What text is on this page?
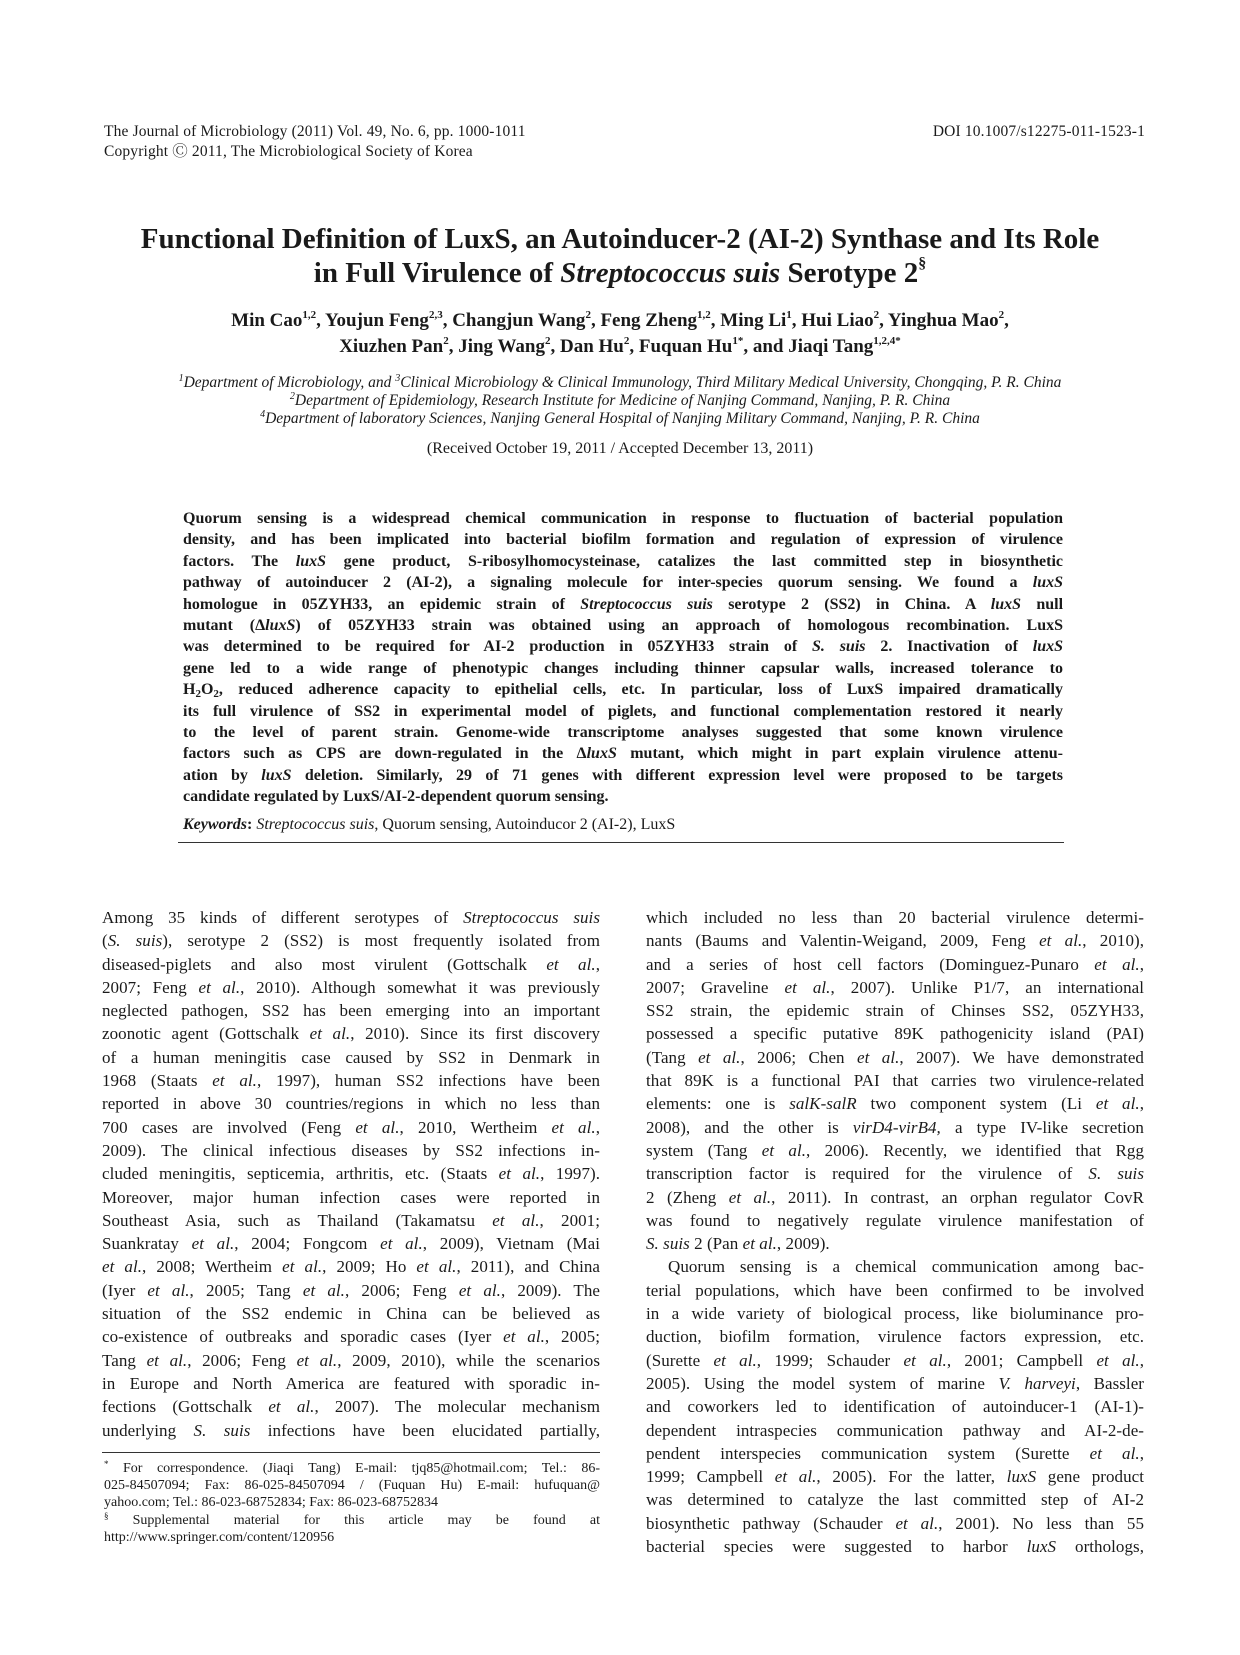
The Journal of Microbiology (2011) Vol. 49, No. 6, pp. 1000-1011
Copyright Ⓒ 2011, The Microbiological Society of Korea
DOI 10.1007/s12275-011-1523-1
Functional Definition of LuxS, an Autoinducer-2 (AI-2) Synthase and Its Role
in Full Virulence of Streptococcus suis Serotype 2§
Min Cao$^{1,2}$, Youjun Feng$^{2,3}$, Changjun Wang$^2$, Feng Zheng$^{1,2}$, Ming Li$^1$, Hui Liao$^2$, Yinghua Mao$^2$,
Xiuzhen Pan$^2$, Jing Wang$^2$, Dan Hu$^2$, Fuquan $Hu^{1*}$, and Jiaqi Tang$^{1,2,4*}$
$^1$Department of Microbiology, and $^3$Clinical Microbiology & Clinical Immunology, Third Military Medical University, Chongqing, P. R. China
$^2$Department of Epidemiology, Research Institute for Medicine of Nanjing Command, Nanjing, P. R. China
$^4$Department of laboratory Sciences, Nanjing General Hospital of Nanjing Military Command, Nanjing, P. R. China
(Received October 19, 2011 / Accepted December 13, 2011)
Quorum sensing is a widespread chemical communication in response to fluctuation of bacterial population
density, and has been implicated into bacterial biofilm formation and regulation of expression of virulence
factors. The luxS gene product, S-ribosylhomocysteinase, catalizes the last committed step in biosynthetic
pathway of autoinducer 2 (AI-2), a signaling molecule for inter-species quorum sensing. We found a luxS
homologue in 05ZYH33, an epidemic strain of Streptococcus suis serotype 2 (SS2) in China. A luxS null
mutant (ΔluxS) of 05ZYH33 strain was obtained using an approach of homologous recombination. LuxS
was determined to be required for AI-2 production in 05ZYH33 strain of S. suis 2. Inactivation of luxS
gene led to a wide range of phenotypic changes including thinner capsular walls, increased tolerance to
$H_2O_2$, reduced adherence capacity to epithelial cells, etc. In particular, loss of LuxS impaired dramatically
its full virulence of SS2 in experimental model of piglets, and functional complementation restored it nearly
to the level of parent strain. Genome-wide transcriptome analyses suggested that some known virulence
factors such as CPS are down-regulated in the ΔluxS mutant, which might in part explain virulence attenu-
ation by luxS deletion. Similarly, 29 of 71 genes with different expression level were proposed to be targets
candidate regulated by LuxS/AI-2-dependent quorum sensing.
Keywords: Streptococcus suis, Quorum sensing, Autoinducor 2 (AI-2), LuxS
Among 35 kinds of different serotypes of Streptococcus suis
(S. suis), serotype 2 (SS2) is most frequently isolated from
diseased-piglets and also most virulent (Gottschalk et al.,
2007; Feng et al., 2010). Although somewhat it was previously
neglected pathogen, SS2 has been emerging into an important
zoonotic agent (Gottschalk et al., 2010). Since its first discovery
of a human meningitis case caused by SS2 in Denmark in
1968 (Staats et al., 1997), human SS2 infections have been
reported in above 30 countries/regions in which no less than
700 cases are involved (Feng et al., 2010, Wertheim et al.,
2009). The clinical infectious diseases by SS2 infections in-
cluded meningitis, septicemia, arthritis, etc. (Staats et al., 1997).
Moreover, major human infection cases were reported in
Southeast Asia, such as Thailand (Takamatsu et al., 2001;
Suankratay et al., 2004; Fongcom et al., 2009), Vietnam (Mai
et al., 2008; Wertheim et al., 2009; Ho et al., 2011), and China
(Iyer et al., 2005; Tang et al., 2006; Feng et al., 2009). The
situation of the SS2 endemic in China can be believed as
co-existence of outbreaks and sporadic cases (Iyer et al., 2005;
Tang et al., 2006; Feng et al., 2009, 2010), while the scenarios
in Europe and North America are featured with sporadic in-
fections (Gottschalk et al., 2007). The molecular mechanism
underlying S. suis infections have been elucidated partially,
which included no less than 20 bacterial virulence determi-
nants (Baums and Valentin-Weigand, 2009, Feng et al., 2010),
and a series of host cell factors (Dominguez-Punaro et al.,
2007; Graveline et al., 2007). Unlike P1/7, an international
SS2 strain, the epidemic strain of Chinses SS2, 05ZYH33,
possessed a specific putative 89K pathogenicity island (PAI)
(Tang et al., 2006; Chen et al., 2007). We have demonstrated
that 89K is a functional PAI that carries two virulence-related
elements: one is salK-salR two component system (Li et al.,
2008), and the other is virD4-virB4, a type IV-like secretion
system (Tang et al., 2006). Recently, we identified that Rgg
transcription factor is required for the virulence of S. suis
2 (Zheng et al., 2011). In contrast, an orphan regulator CovR
was found to negatively regulate virulence manifestation of
S. suis 2 (Pan et al., 2009).
Quorum sensing is a chemical communication among bac-
terial populations, which have been confirmed to be involved
in a wide variety of biological process, like bioluminance pro-
duction, biofilm formation, virulence factors expression, etc.
(Surette et al., 1999; Schauder et al., 2001; Campbell et al.,
2005). Using the model system of marine V. harveyi, Bassler
and coworkers led to identification of autoinducer-1 (AI-1)-
dependent intraspecies communication pathway and AI-2-de-
pendent interspecies communication system (Surette et al.,
1999; Campbell et al., 2005). For the latter, luxS gene product
was determined to catalyze the last committed step of AI-2
biosynthetic pathway (Schauder et al., 2001). No less than 55
bacterial species were suggested to harbor luxS orthologs,
* For correspondence. (Jiaqi Tang) E-mail: tjq85@hotmail.com; Tel.: 86-
025-84507094; Fax: 86-025-84507094 / (Fuquan Hu) E-mail: hufuquan@
yahoo.com; Tel.: 86-023-68752834; Fax: 86-023-68752834
§ Supplemental material for this article may be found at
http://www.springer.com/content/120956
